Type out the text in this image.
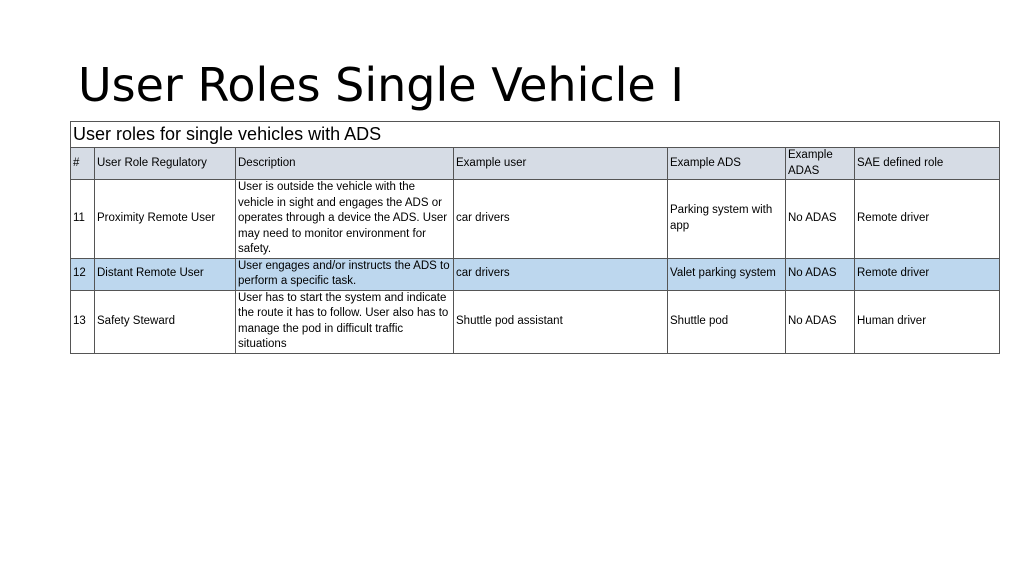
User Roles Single Vehicle I
User roles for single vehicles with ADS						
#	User Role Regulatory	Description	Example user	Example ADS	Example ADAS	SAE defined role
11	Proximity Remote User	User is outside the vehicle with the vehicle in sight and engages the ADS or operates through a device the ADS. User may need to monitor environment for safety.	car drivers	Parking system with app	No ADAS	Remote driver
12	Distant Remote User	User engages and/or instructs the ADS to perform a specific task.	car drivers	Valet parking system	No ADAS	Remote driver
13	Safety Steward	User has to start the system and indicate the route it has to follow. User also has to manage the pod in difficult traffic situations	Shuttle pod assistant	Shuttle pod	No ADAS	Human driver
